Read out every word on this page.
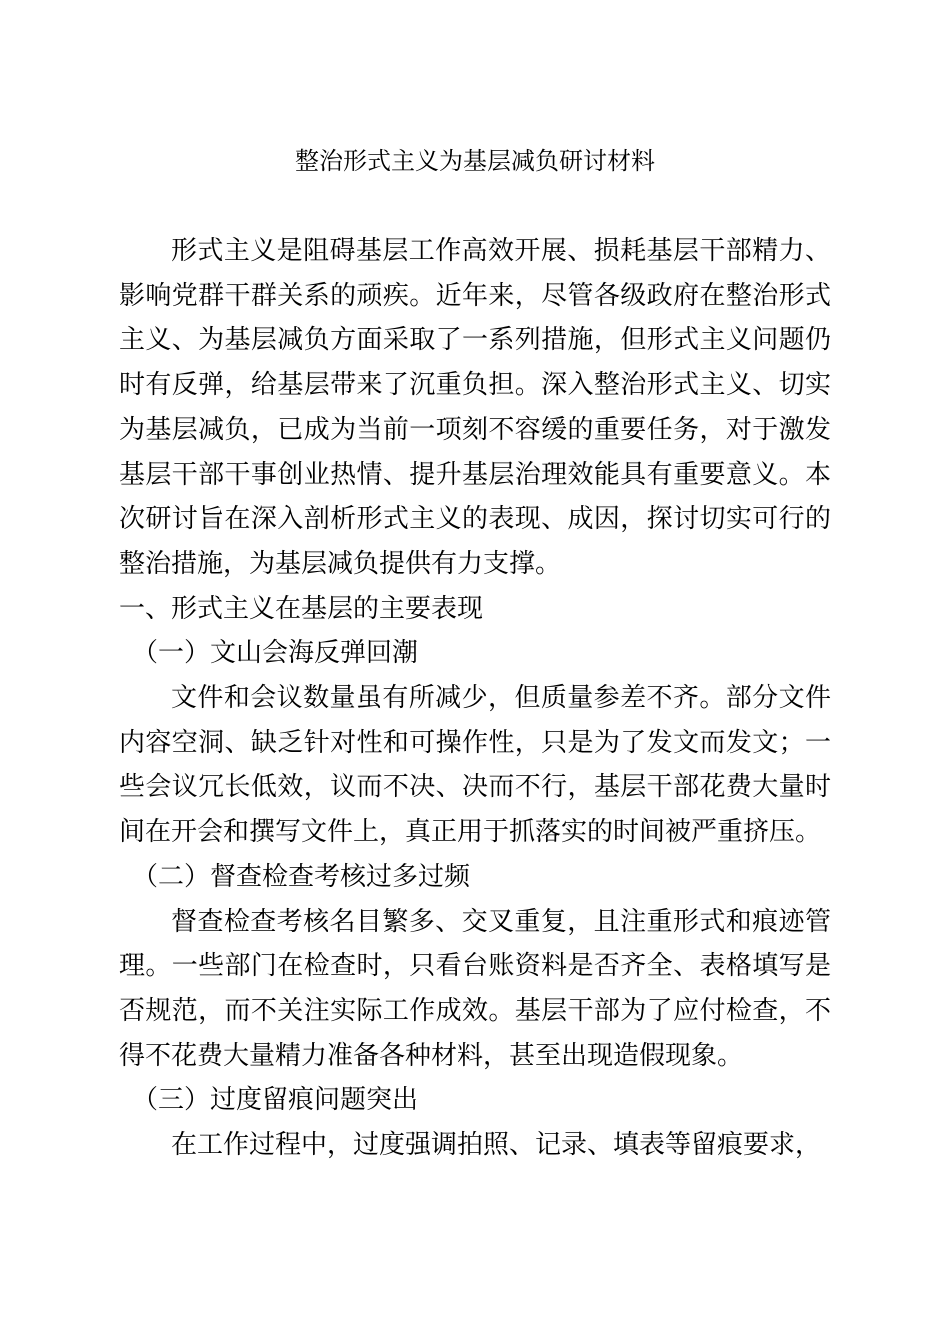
整治形式主义为基层减负研讨材料

形式主义是阻碍基层工作高效开展、损耗基层干部精力、影响党群干群关系的顽疾。近年来，尽管各级政府在整治形式主义、为基层减负方面采取了一系列措施，但形式主义问题仍时有反弹，给基层带来了沉重负担。深入整治形式主义、切实为基层减负，已成为当前一项刻不容缓的重要任务，对于激发基层干部干事创业热情、提升基层治理效能具有重要意义。本次研讨旨在深入剖析形式主义的表现、成因，探讨切实可行的整治措施，为基层减负提供有力支撑。

一、形式主义在基层的主要表现

（一）文山会海反弹回潮

文件和会议数量虽有所减少，但质量参差不齐。部分文件内容空洞、缺乏针对性和可操作性，只是为了发文而发文；一些会议冗长低效，议而不决、决而不行，基层干部花费大量时间在开会和撰写文件上，真正用于抓落实的时间被严重挤压。

（二）督查检查考核过多过频

督查检查考核名目繁多、交叉重复，且注重形式和痕迹管理。一些部门在检查时，只看台账资料是否齐全、表格填写是否规范，而不关注实际工作成效。基层干部为了应付检查，不得不花费大量精力准备各种材料，甚至出现造假现象。

（三）过度留痕问题突出

在工作过程中，过度强调拍照、记录、填表等留痕要求，
